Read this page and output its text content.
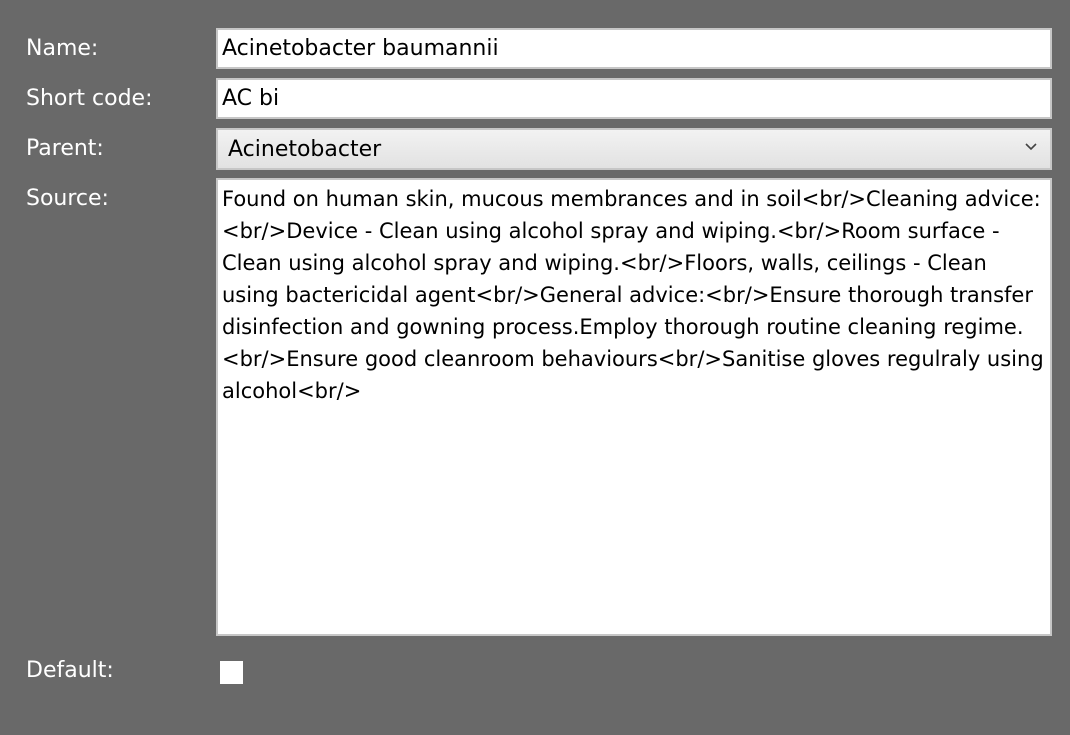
Name:
Acinetobacter baumannii
Short code:
AC bi
Parent:	Acinetobacter
Source:
Found on human skin, mucous membrances and in soil<br/>Cleaning advice:<br/>Device - Clean using alcohol spray and wiping.<br/>Room surface - Clean using alcohol spray and wiping.<br/>Floors, walls, ceilings - Clean using bactericidal agent<br/>General advice:<br/>Ensure thorough transfer disinfection and gowning process.Employ thorough routine cleaning regime.<br/>Ensure good cleanroom behaviours<br/>Sanitise gloves regulraly using alcohol<br/>
Default:
